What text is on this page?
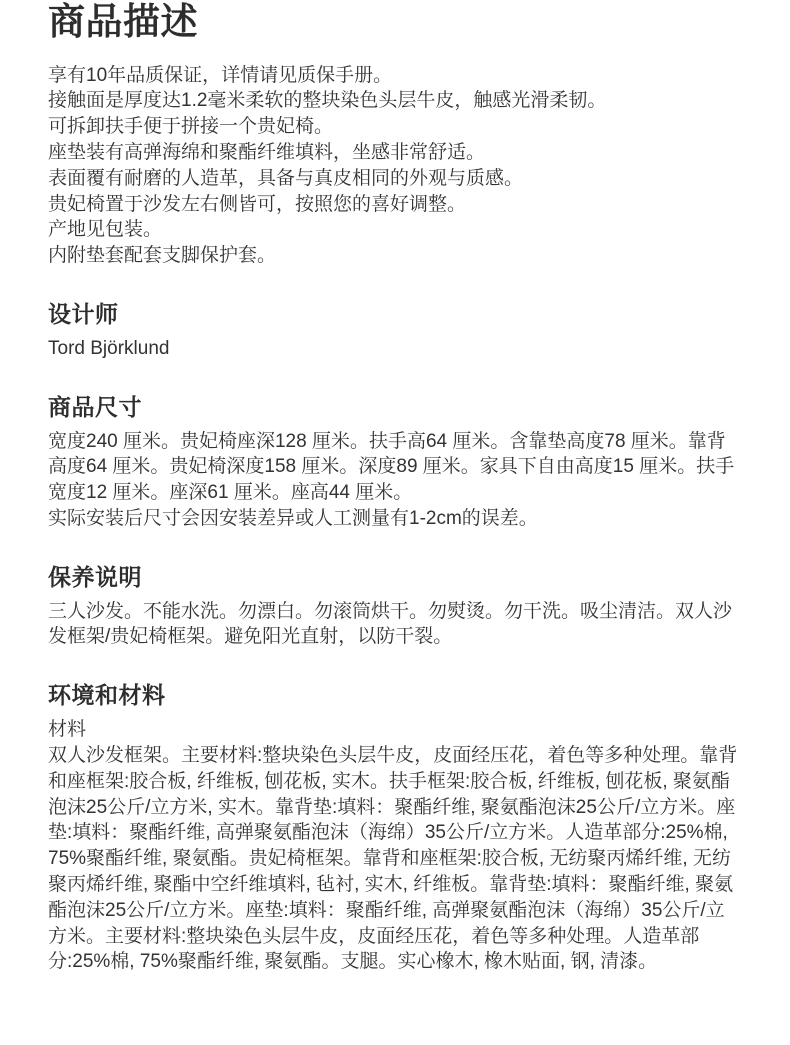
商品描述

享有10年品质保证，详情请见质保手册。

接触面是厚度达1.2毫米柔软的整块染色头层牛皮，触感光滑柔韧。

可拆卸扶手便于拼接一个贵妃椅。

座垫装有高弹海绵和聚酯纤维填料，坐感非常舒适。

表面覆有耐磨的人造革，具备与真皮相同的外观与质感。

贵妃椅置于沙发左右侧皆可，按照您的喜好调整。

产地见包装。

内附垫套配套支脚保护套。

设计师

Tord Björklund

商品尺寸

宽度240 厘米。贵妃椅座深128 厘米。扶手高64 厘米。含靠垫高度78 厘米。靠背高度64 厘米。贵妃椅深度158 厘米。深度89 厘米。家具下自由高度15 厘米。扶手宽度12 厘米。座深61 厘米。座高44 厘米。

实际安装后尺寸会因安装差异或人工测量有1-2cm的误差。

保养说明

三人沙发。不能水洗。勿漂白。勿滚筒烘干。勿熨烫。勿干洗。吸尘清洁。双人沙发框架/贵妃椅框架。避免阳光直射，以防干裂。

环境和材料

材料

双人沙发框架。主要材料:整块染色头层牛皮，皮面经压花，着色等多种处理。靠背和座框架:胶合板, 纤维板, 刨花板, 实木。扶手框架:胶合板, 纤维板, 刨花板, 聚氨酯泡沫25公斤/立方米, 实木。靠背垫:填料：聚酯纤维, 聚氨酯泡沫25公斤/立方米。座垫:填料：聚酯纤维, 高弹聚氨酯泡沫（海绵）35公斤/立方米。人造革部分:25%棉, 75%聚酯纤维, 聚氨酯。贵妃椅框架。靠背和座框架:胶合板, 无纺聚丙烯纤维, 无纺聚丙烯纤维, 聚酯中空纤维填料, 毡衬, 实木, 纤维板。靠背垫:填料：聚酯纤维, 聚氨酯泡沫25公斤/立方米。座垫:填料：聚酯纤维, 高弹聚氨酯泡沫（海绵）35公斤/立方米。主要材料:整块染色头层牛皮，皮面经压花，着色等多种处理。人造革部分:25%棉, 75%聚酯纤维, 聚氨酯。支腿。实心橡木, 橡木贴面, 钢, 清漆。
